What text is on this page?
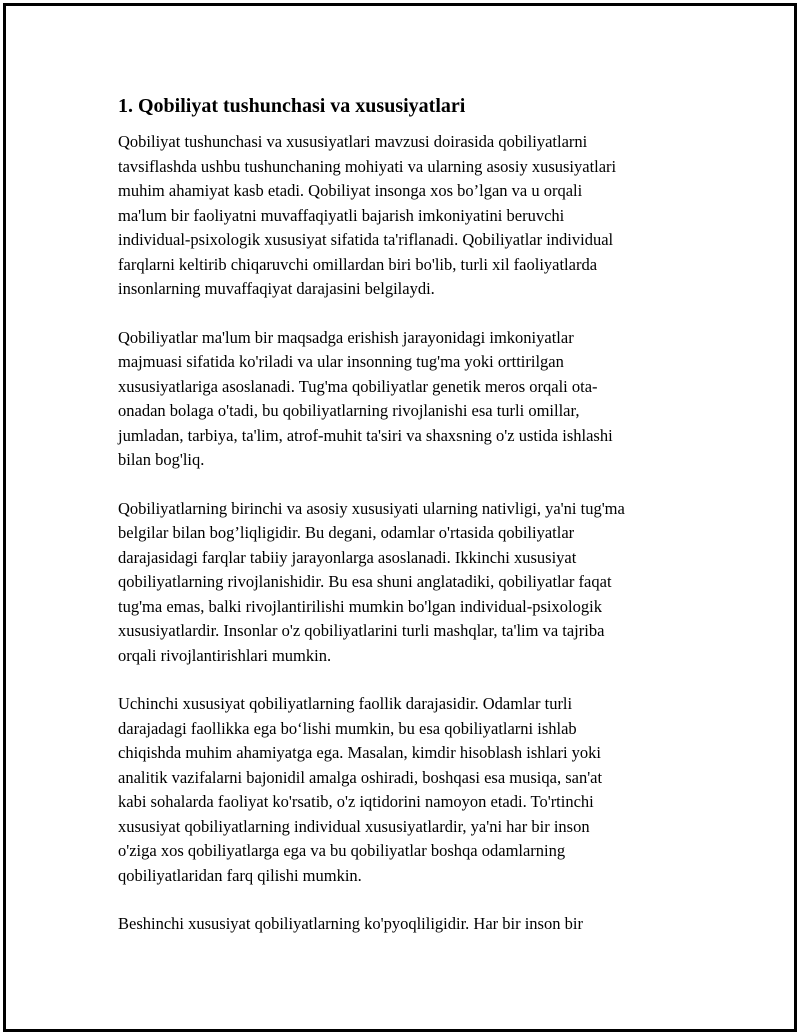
1. Qobiliyat tushunchasi va xususiyatlari

Qobiliyat tushunchasi va xususiyatlari mavzusi doirasida qobiliyatlarni
tavsiflashda ushbu tushunchaning mohiyati va ularning asosiy xususiyatlari
muhim ahamiyat kasb etadi. Qobiliyat insonga xos bo’lgan va u orqali
ma'lum bir faoliyatni muvaffaqiyatli bajarish imkoniyatini beruvchi
individual-psixologik xususiyat sifatida ta'riflanadi. Qobiliyatlar individual
farqlarni keltirib chiqaruvchi omillardan biri bo'lib, turli xil faoliyatlarda
insonlarning muvaffaqiyat darajasini belgilaydi.

Qobiliyatlar ma'lum bir maqsadga erishish jarayonidagi imkoniyatlar
majmuasi sifatida ko'riladi va ular insonning tug'ma yoki orttirilgan
xususiyatlariga asoslanadi. Tug'ma qobiliyatlar genetik meros orqali ota-
onadan bolaga o'tadi, bu qobiliyatlarning rivojlanishi esa turli omillar,
jumladan, tarbiya, ta'lim, atrof-muhit ta'siri va shaxsning o'z ustida ishlashi
bilan bog'liq.

Qobiliyatlarning birinchi va asosiy xususiyati ularning nativligi, ya'ni tug'ma
belgilar bilan bog’liqligidir. Bu degani, odamlar o'rtasida qobiliyatlar
darajasidagi farqlar tabiiy jarayonlarga asoslanadi. Ikkinchi xususiyat
qobiliyatlarning rivojlanishidir. Bu esa shuni anglatadiki, qobiliyatlar faqat
tug'ma emas, balki rivojlantirilishi mumkin bo'lgan individual-psixologik
xususiyatlardir. Insonlar o'z qobiliyatlarini turli mashqlar, ta'lim va tajriba
orqali rivojlantirishlari mumkin.

Uchinchi xususiyat qobiliyatlarning faollik darajasidir. Odamlar turli
darajadagi faollikka ega bo‘lishi mumkin, bu esa qobiliyatlarni ishlab
chiqishda muhim ahamiyatga ega. Masalan, kimdir hisoblash ishlari yoki
analitik vazifalarni bajonidil amalga oshiradi, boshqasi esa musiqa, san'at
kabi sohalarda faoliyat ko'rsatib, o'z iqtidorini namoyon etadi. To'rtinchi
xususiyat qobiliyatlarning individual xususiyatlardir, ya'ni har bir inson
o'ziga xos qobiliyatlarga ega va bu qobiliyatlar boshqa odamlarning
qobiliyatlaridan farq qilishi mumkin.

Beshinchi xususiyat qobiliyatlarning ko'pyoqliligidir. Har bir inson bir
